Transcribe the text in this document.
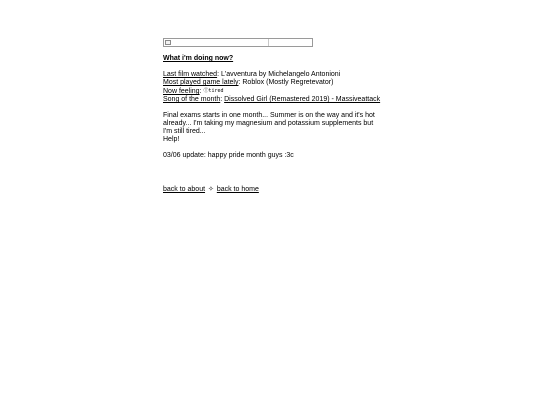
What i'm doing now?
Last film watched: L'avventura by Michelangelo Antonioni
Most played game lately: Roblox (Mostly Regretevator)
Now feeling: Ⓣtired
Song of the month: Dissolved Girl (Remastered 2019) - Massiveattack
Final exams starts in one month... Summer is on the way and it's hot already... I'm taking my magnesium and potassium supplements but I'm still tired...
Help!
03/06 update: happy pride month guys :3c
back to about ✧ back to home
